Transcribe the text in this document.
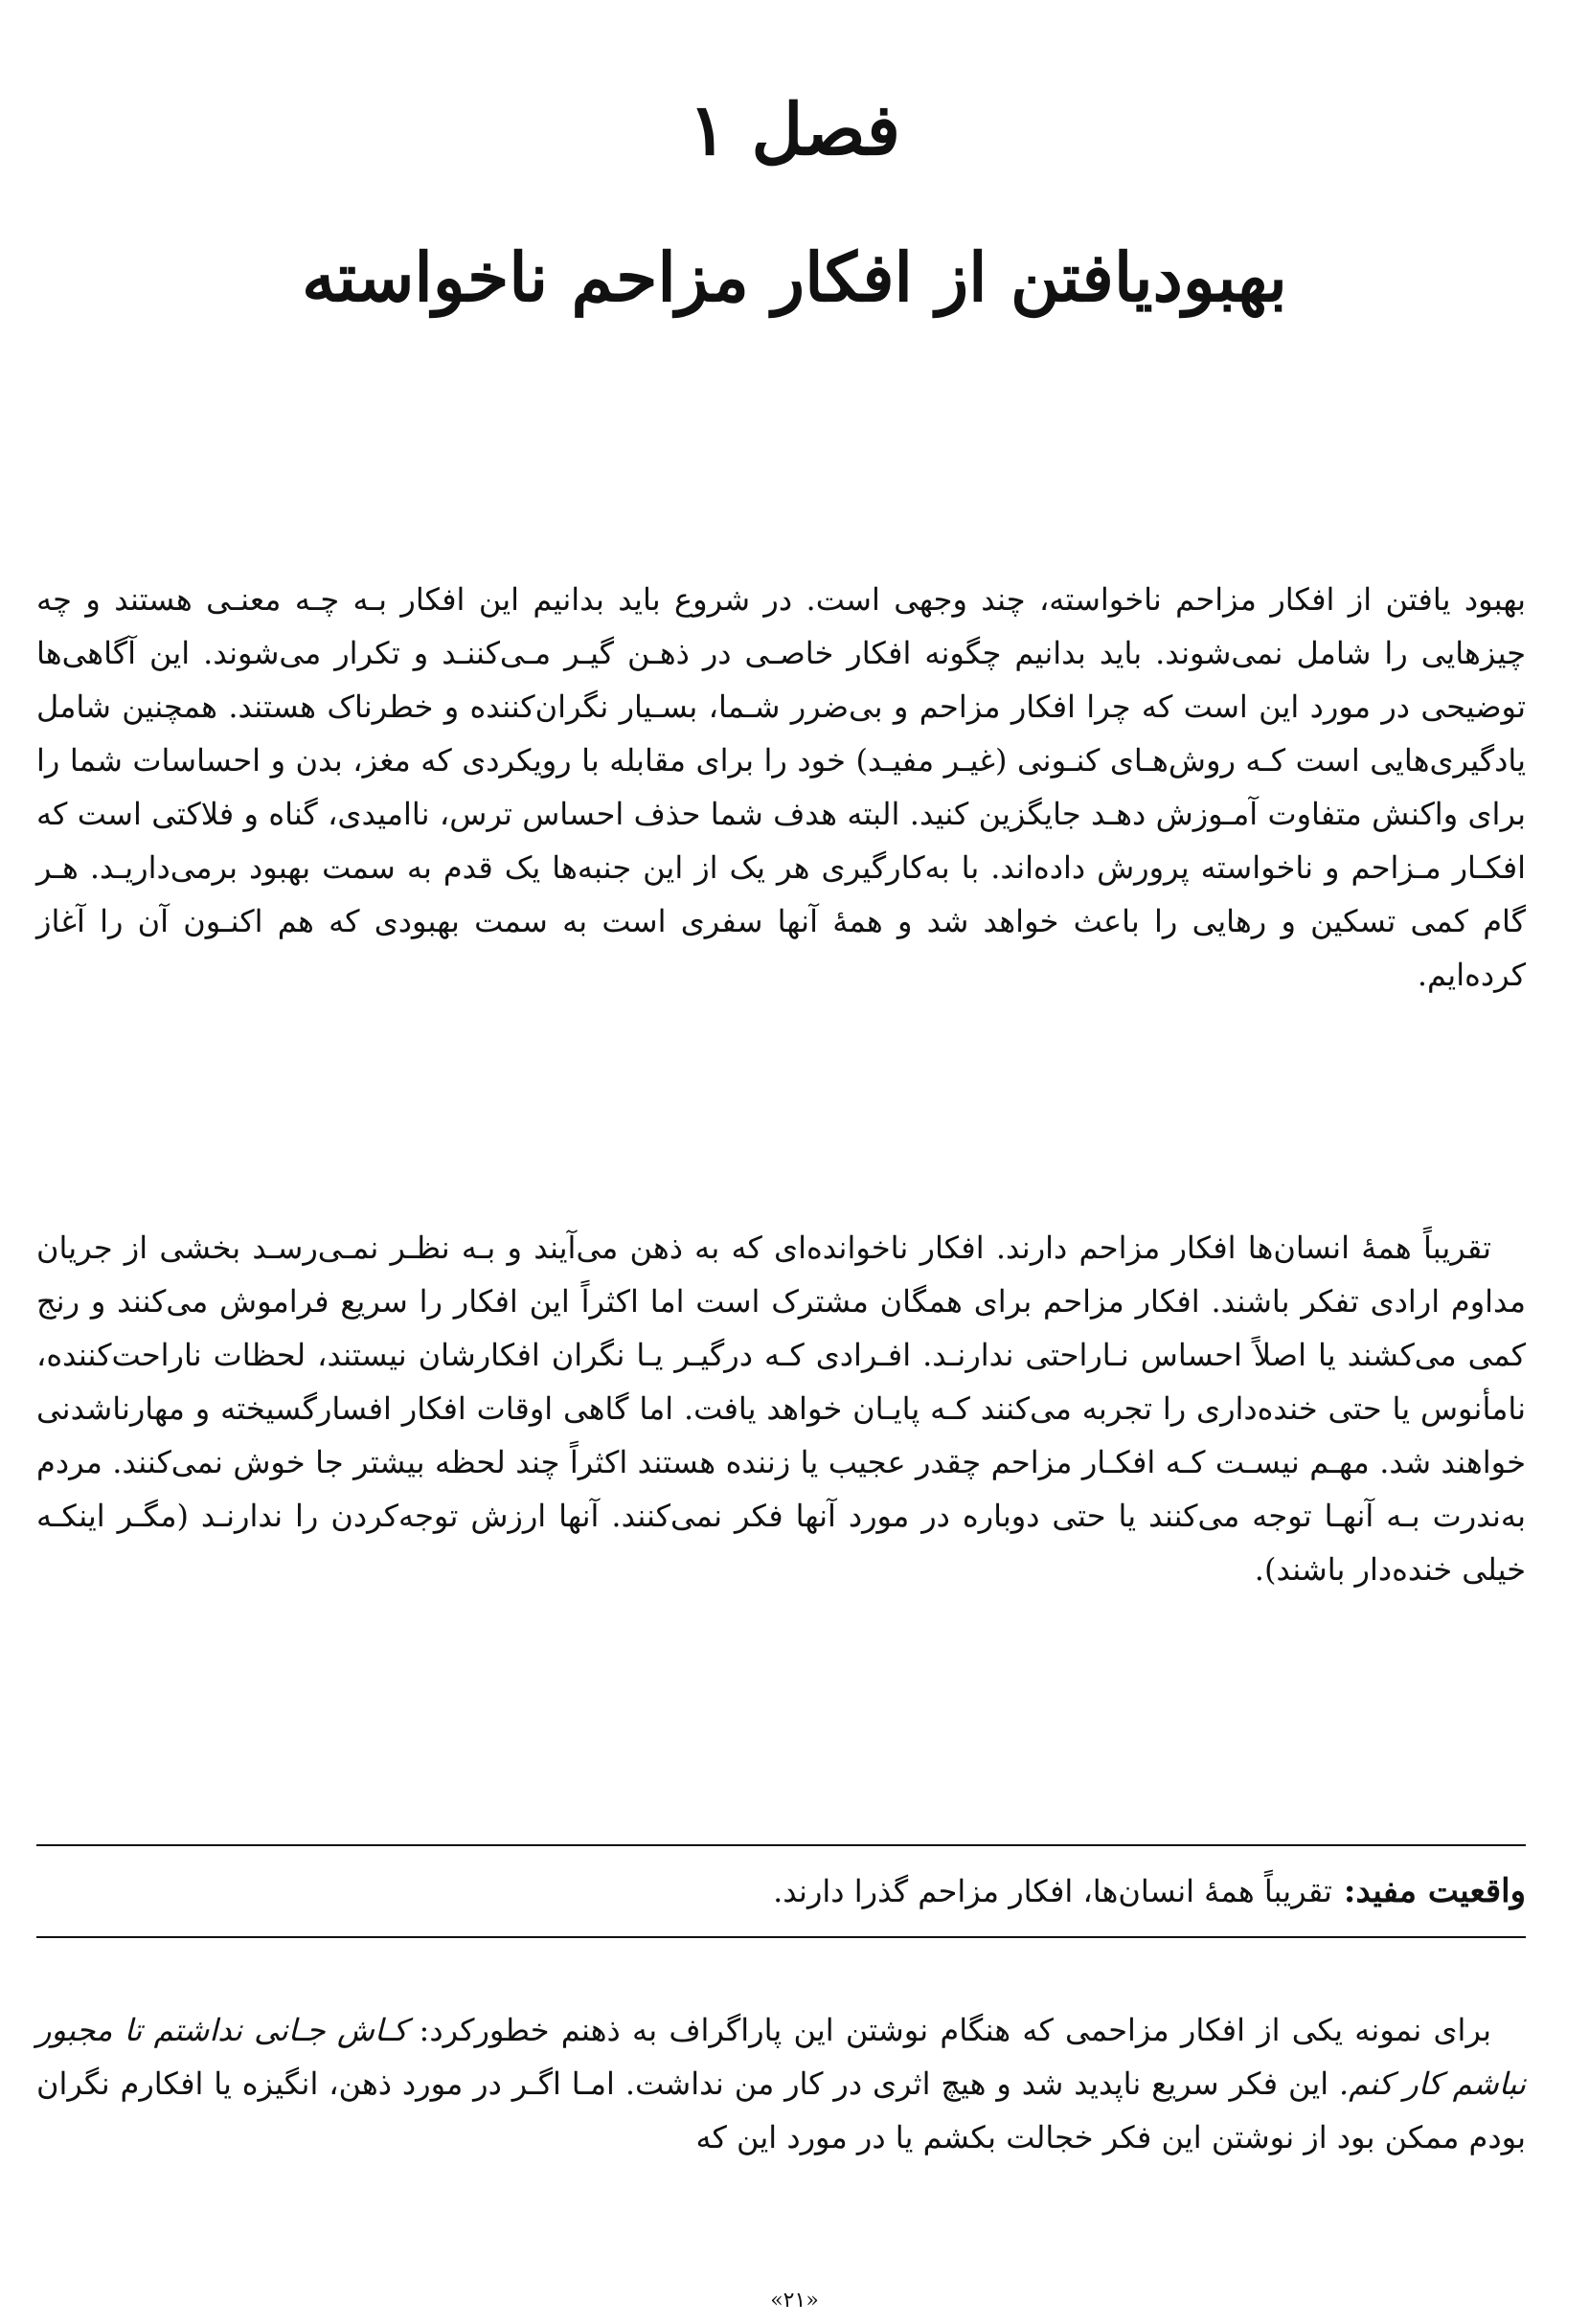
فصل ۱
بهبودیافتن از افکار مزاحم ناخواسته

بهبود یافتن از افکار مزاحم ناخواسته، چند وجهی است. در شروع باید بدانیم این افکار بـه چـه معنـی هستند و چه چیزهایی را شامل نمی‌شوند. باید بدانیم چگونه افکار خاصـی در ذهـن گیـر مـی‌کننـد و تکرار می‌شوند. این آگاهی‌ها توضیحی در مورد این است که چرا افکار مزاحم و بی‌ضرر شـما، بسـیار نگران‌کننده و خطرناک هستند. همچنین شامل یادگیری‌هایی است کـه روش‌هـای کنـونی (غیـر مفیـد) خود را برای مقابله با رویکردی که مغز، بدن و احساسات شما را برای واکنش متفاوت آمـوزش دهـد جایگزین کنید. البته هدف شما حذف احساس ترس، ناامیدی، گناه و فلاکتی است که افکـار مـزاحم و ناخواسته پرورش داده‌اند. با به‌کارگیری هر یک از این جنبه‌ها یک قدم به سمت بهبود برمی‌داریـد. هـر گام کمی تسکین و رهایی را باعث خواهد شد و همهٔ آنها سفری است به سمت بهبودی که هم اکنـون آن را آغاز کرده‌ایم.

تقریباً همهٔ انسان‌ها افکار مزاحم دارند. افکار ناخوانده‌ای که به ذهن می‌آیند و بـه نظـر نمـی‌رسـد بخشی از جریان مداوم ارادی تفکر باشند. افکار مزاحم برای همگان مشترک است اما اکثراً این افکار را سریع فراموش می‌کنند و رنج کمی می‌کشند یا اصلاً احساس نـاراحتی ندارنـد. افـرادی کـه درگیـر یـا نگران افکارشان نیستند، لحظات ناراحت‌کننده، نامأنوس یا حتی خنده‌داری را تجربه می‌کنند کـه پایـان خواهد یافت. اما گاهی اوقات افکار افسارگسیخته و مهارناشدنی خواهند شد. مهـم نیسـت کـه افکـار مزاحم چقدر عجیب یا زننده هستند اکثراً چند لحظه بیشتر جا خوش نمی‌کنند. مردم به‌ندرت بـه آنهـا توجه می‌کنند یا حتی دوباره در مورد آنها فکر نمی‌کنند. آنها ارزش توجه‌کردن را ندارنـد (مگـر اینکـه خیلی خنده‌دار باشند).

واقعیت مفید:
تقریباً همهٔ انسان‌ها، افکار مزاحم گذرا دارند.

برای نمونه یکی از افکار مزاحمی که هنگام نوشتن این پاراگراف به ذهنم خطورکرد: کـاش جـانی نداشتم تا مجبور نباشم کار کنم. این فکر سریع ناپدید شد و هیچ اثری در کار من نداشت. امـا اگـر در مورد ذهن، انگیزه یا افکارم نگران بودم ممکن بود از نوشتن این فکر خجالت بکشم یا در مورد این که

«۲۱»
